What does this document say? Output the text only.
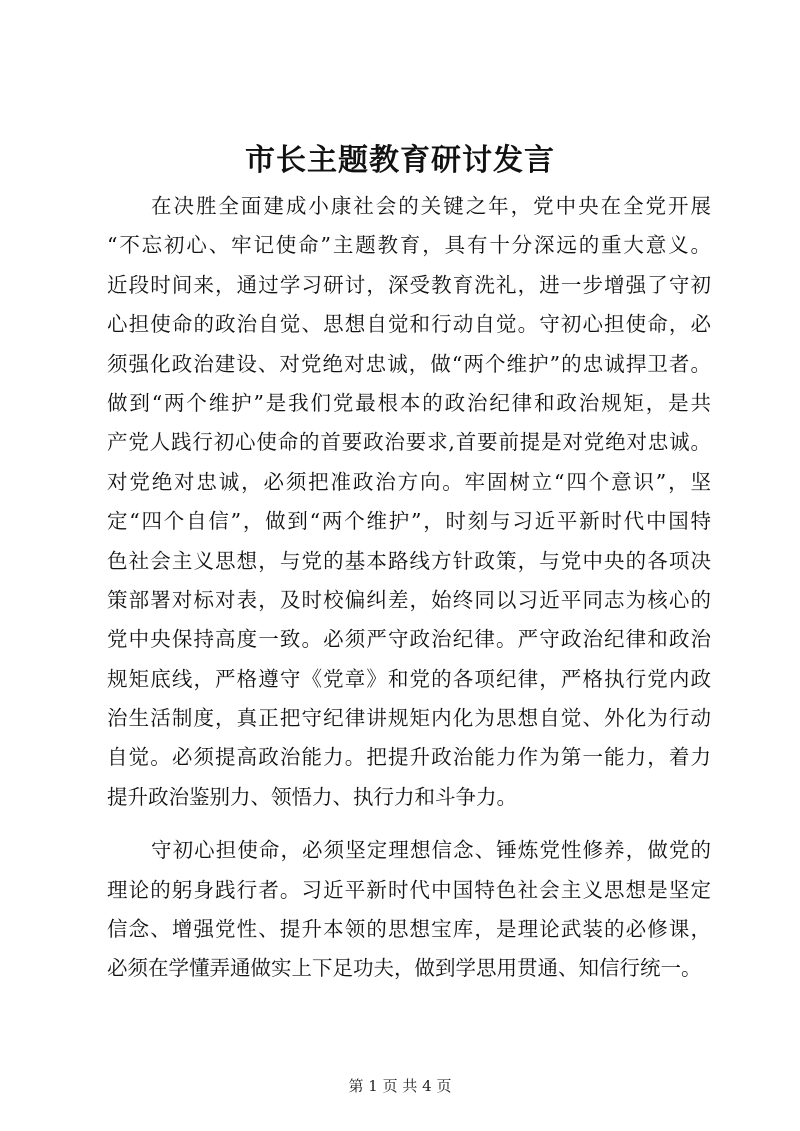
市长主题教育研讨发言
在决胜全面建成小康社会的关键之年，党中央在全党开展
“不忘初心、牢记使命”主题教育，具有十分深远的重大意义。
近段时间来，通过学习研讨，深受教育洗礼，进一步增强了守初
心担使命的政治自觉、思想自觉和行动自觉。守初心担使命，必
须强化政治建设、对党绝对忠诚，做“两个维护”的忠诚捍卫者。
做到“两个维护”是我们党最根本的政治纪律和政治规矩，是共
产党人践行初心使命的首要政治要求,首要前提是对党绝对忠诚。
对党绝对忠诚，必须把准政治方向。牢固树立“四个意识”，坚
定“四个自信”，做到“两个维护”，时刻与习近平新时代中国特
色社会主义思想，与党的基本路线方针政策，与党中央的各项决
策部署对标对表，及时校偏纠差，始终同以习近平同志为核心的
党中央保持高度一致。必须严守政治纪律。严守政治纪律和政治
规矩底线，严格遵守《党章》和党的各项纪律，严格执行党内政
治生活制度，真正把守纪律讲规矩内化为思想自觉、外化为行动
自觉。必须提高政治能力。把提升政治能力作为第一能力，着力
提升政治鉴别力、领悟力、执行力和斗争力。
守初心担使命，必须坚定理想信念、锤炼党性修养，做党的
理论的躬身践行者。习近平新时代中国特色社会主义思想是坚定
信念、增强党性、提升本领的思想宝库，是理论武装的必修课，
必须在学懂弄通做实上下足功夫，做到学思用贯通、知信行统一。
第 1 页 共 4 页
